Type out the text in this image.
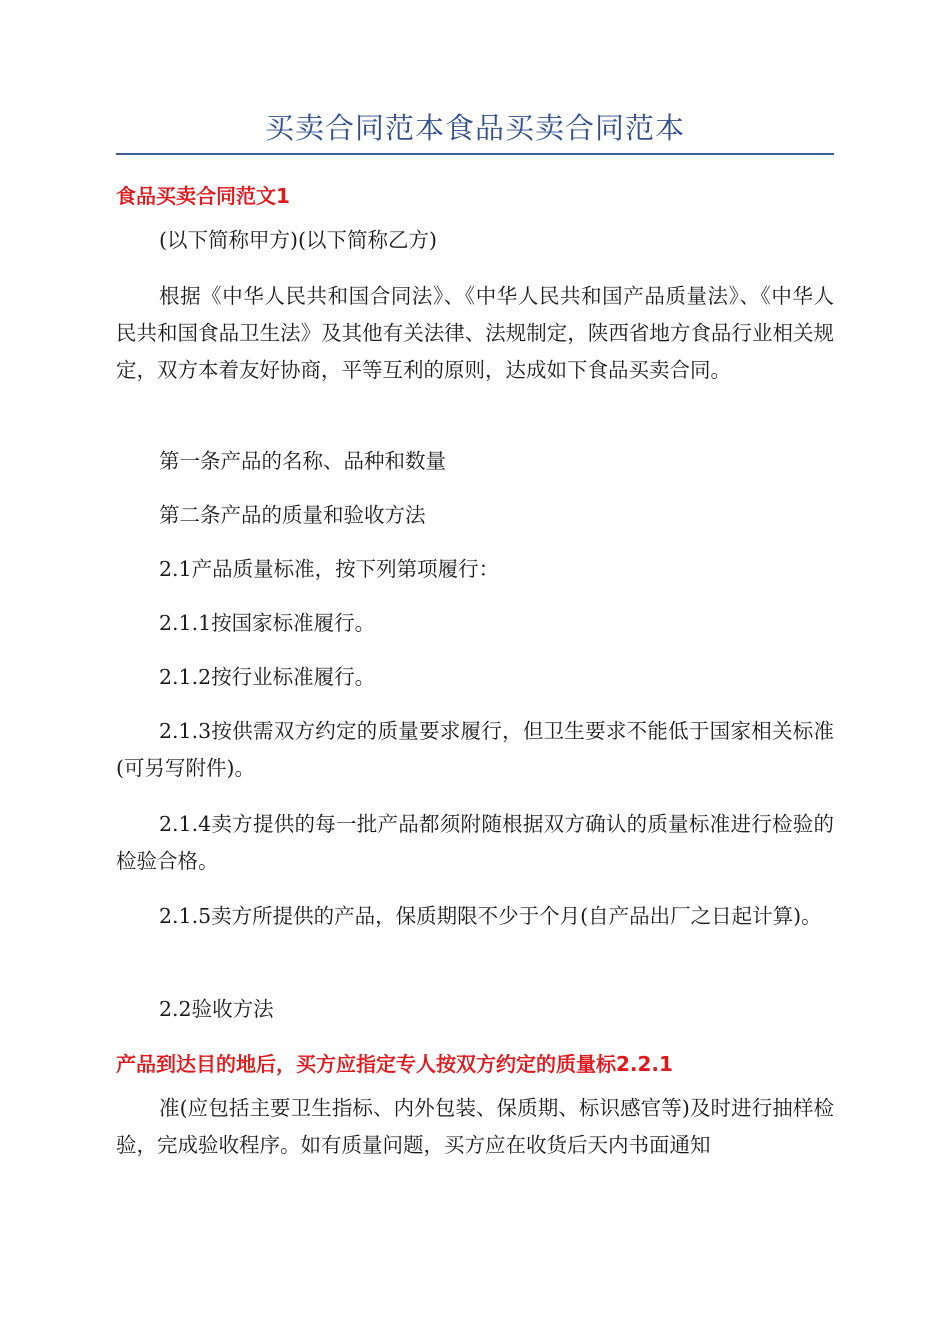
买卖合同范本食品买卖合同范本
食品买卖合同范文1
(以下简称甲方)(以下简称乙方)
根据《中华人民共和国合同法》、《中华人民共和国产品质量法》、《中华人民共和国食品卫生法》及其他有关法律、法规制定，陕西省地方食品行业相关规定，双方本着友好协商，平等互利的原则，达成如下食品买卖合同。
第一条产品的名称、品种和数量
第二条产品的质量和验收方法
2.1产品质量标准，按下列第项履行：
2.1.1按国家标准履行。
2.1.2按行业标准履行。
2.1.3按供需双方约定的质量要求履行，但卫生要求不能低于国家相关标准(可另写附件)。
2.1.4卖方提供的每一批产品都须附随根据双方确认的质量标准进行检验的检验合格。
2.1.5卖方所提供的产品，保质期限不少于个月(自产品出厂之日起计算)。
2.2验收方法
产品到达目的地后，买方应指定专人按双方约定的质量标2.2.1
准(应包括主要卫生指标、内外包装、保质期、标识感官等)及时进行抽样检验，完成验收程序。如有质量问题，买方应在收货后天内书面通知
